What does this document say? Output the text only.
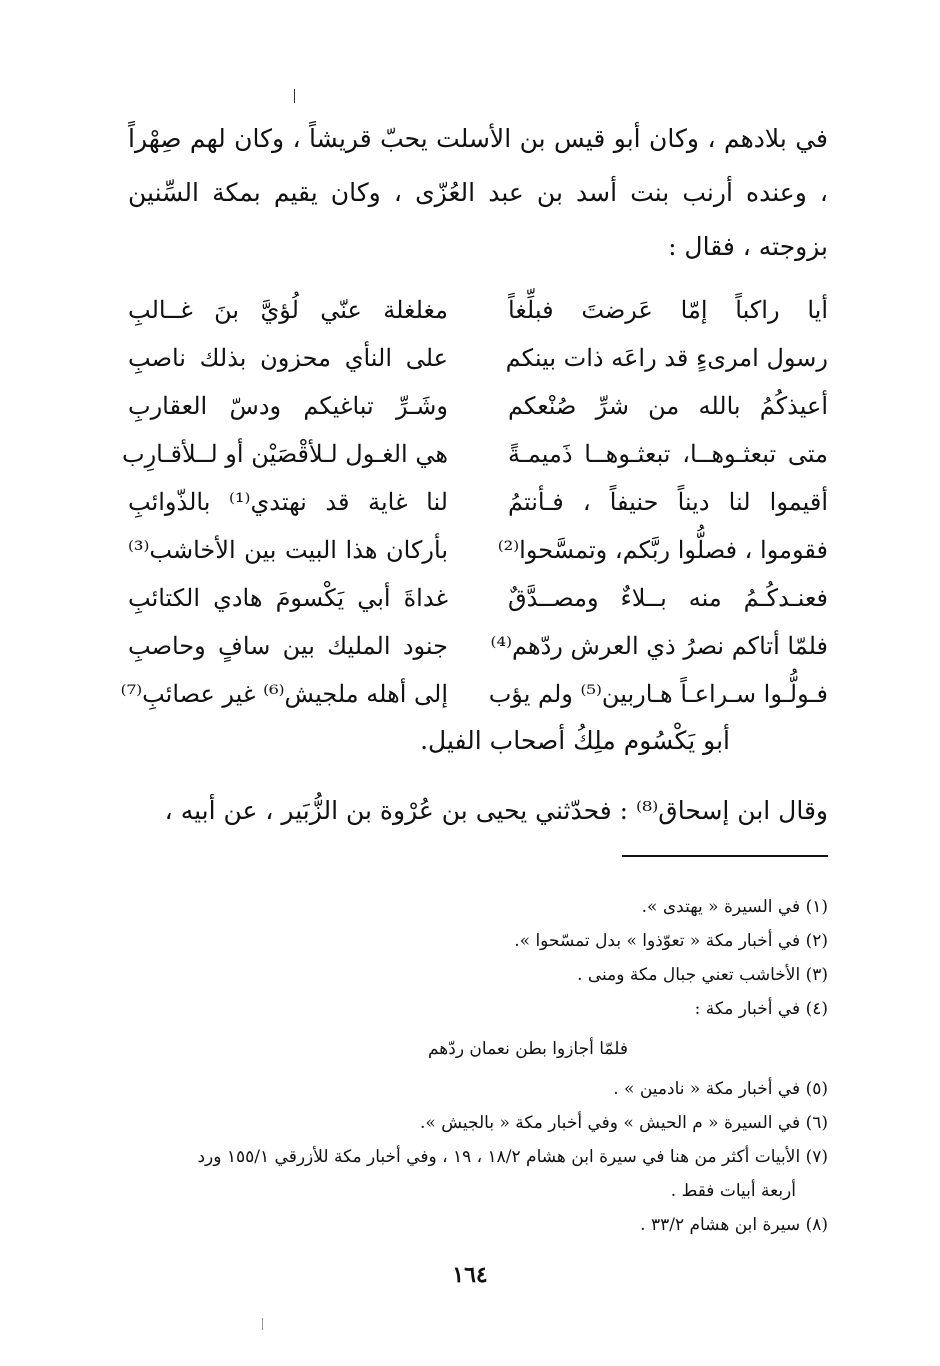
في بلادهم ، وكان أبو قيس بن الأسلت يحبّ قريشاً ، وكان لهم صِهْراً ، وعنده أرنب بنت أسد بن عبد العُزّى ، وكان يقيم بمكة السِّنين بزوجته ، فقال :

أيا راكباً إمّا عَرضتَ فبلِّغاً
مغلغلة عنّي لُؤيَّ بنَ غــالبِ
رسول امرىءٍ قد راعَه ذات بينكم
على النأي محزون بذلك ناصبِ
أعيذكُمُ بالله من شرِّ صُنْعكم
وشَـرِّ تباغيكم ودسّ العقاربِ
متى تبعثـوهــا، تبعثـوهــا ذَميمـةً
هي الغـول لـلأقْصَيْن أو لــلأقـارِب
أقيموا لنا ديناً حنيفاً ، فـأنتمُ
لنا غاية قد نهتدي⁽¹⁾ بالذّوائبِ
فقوموا ، فصلُّوا ربَّكم، وتمسَّحوا⁽²⁾
بأركان هذا البيت بين الأخاشب⁽³⁾
فعنـدكُـمُ منه بــلاءٌ ومصــدَّقٌ
غداةَ أبي يَكْسومَ هادي الكتائبِ
فلمّا أتاكم نصرُ ذي العرش ردّهم⁽⁴⁾
جنود المليك بين سافٍ وحاصبِ
فـولُّـوا سـراعـاً هـاربين⁽⁵⁾ ولم يؤب
إلى أهله ملجيش⁽⁶⁾ غير عصائبِ⁽⁷⁾
أبو يَكْسُوم ملِكُ أصحاب الفيل.

وقال ابن إسحاق⁽⁸⁾ : فحدّثني يحيى بن عُرْوة بن الزُّبَير ، عن أبيه ،

(١) في السيرة « يهتدى ».
(٢) في أخبار مكة « تعوّذوا » بدل تمسّحوا ».
(٣) الأخاشب تعني جبال مكة ومنى .
(٤) في أخبار مكة :
فلمّا أجازوا بطن نعمان ردّهم
(٥) في أخبار مكة « نادمين » .
(٦) في السيرة « م الحيش » وفي أخبار مكة « بالجيش ».
(٧) الأبيات أكثر من هنا في سيرة ابن هشام ١٨/٢ ، ١٩ ، وفي أخبار مكة للأزرقي ١٥٥/١ ورد
أربعة أبيات فقط .
(٨) سيرة ابن هشام ٣٣/٢ .
١٦٤
